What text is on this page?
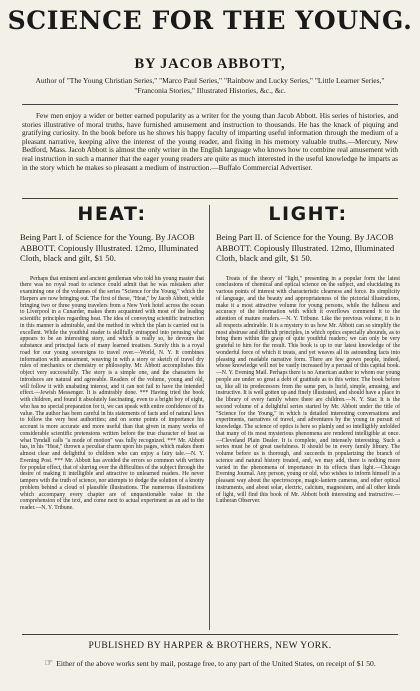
SCIENCE FOR THE YOUNG.
BY JACOB ABBOTT,
Author of "The Young Christian Series," "Marco Paul Series," "Rainbow and Lucky Series," "Little Learner Series," "Franconia Stories," Illustrated Histories, &c., &c.
Few men enjoy a wider or better earned popularity as a writer for the young than Jacob Abbott. His series of histories, and stories illustrative of moral truths, have furnished amusement and instruction to thousands. He has the knack of piquing and gratifying curiosity. In the book before us he shows his happy faculty of imparting useful information through the medium of a pleasant narrative, keeping alive the interest of the young reader, and fixing in his memory valuable truths.—Mercury, New Bedford, Mass. Jacob Abbott is almost the only writer in the English language who knows how to combine real amusement with real instruction in such a manner that the eager young readers are quite as much interested in the useful knowledge he imparts as in the story which he makes so pleasant a medium of instruction.—Buffalo Commercial Advertiser.
HEAT:
Being Part I. of Science for the Young. By JACOB ABBOTT. Copiously Illustrated. 12mo, Illuminated Cloth, black and gilt, $1 50.

Perhaps that eminent and ancient gentleman who told his young master that there was no royal road to science could admit that he was mistaken after examining one of the volumes of the series "Science for the Young," which the Harpers are now bringing out. The first of these, "Heat," by Jacob Abbott, while bringing two or three young travelers from a New York hotel across the ocean to Liverpool in a Cunarder, makes them acquainted with most of the leading scientific principles regarding heat. The idea of conveying scientific instruction in this manner is admirable, and the method in which the plan is carried out is excellent. While the youthful reader is skillfully entrapped into perusing what appears to be an interesting story, and which is really so, he devours the substance and principal facts of many learned treatises. Surely this is a royal road for our young sovereigns to travel over.—World, N. Y. It combines information with amusement, weaving in with a story or sketch of travel dry rules of mechanics or chemistry or philosophy. Mr. Abbott accomplishes this object very successfully. The story is a simple one, and the characters he introduces are natural and agreeable. Readers of the volume, young and old, will follow it with unabating interest, and it can not fail to have the intended effect.—Jewish Messenger. It is admirably done. *** Having tried the book with children, and found it absolutely fascinating, even to a bright boy of eight, who has no special preparation for it, we can speak with entire confidence of its value. The author has been careful in his statements of facts and of natural laws to follow the very best authorities; and on some points of importance his account is more accurate and more useful than that given in many works of considerable scientific pretensions written before the true character of heat as what Tyndall calls "a mode of motion" was fully recognized. *** Mr. Abbott has, in his "Heat," thrown a peculiar charm upon his pages, which makes them almost clear and delightful to children who can enjoy a fairy tale.—N. Y. Evening Post. *** Mr. Abbott has avoided the errors so common with writers for popular effect, that of slurring over the difficulties of the subject through the desire of making it intelligible and attractive to unlearned readers. He never tampers with the truth of science, nor attempts to dodge the solution of a knotty problem behind a cloud of plausible illustrations. The numerous illustrations which accompany every chapter are of unquestionable value in the comprehension of the text, and come next to actual experiment as an aid to the reader.—N. Y. Tribune.

LIGHT:
Being Part II. of Science for the Young. By JACOB ABBOTT. Copiously Illustrated. 12mo, Illuminated Cloth, black and gilt, $1 50.

Treats of the theory of "light," presenting in a popular form the latest conclusions of chemical and optical science on the subject, and elucidating its various points of interest with characteristic clearness and force. Its simplicity of language, and the beauty and appropriateness of the pictorial illustrations, make it a most attractive volume for young persons, while the fullness and accuracy of the information with which it overflows commend it to the attention of mature readers.—N. Y. Tribune. Like the previous volume, it is in all respects admirable. It is a mystery to us how Mr. Abbott can so simplify the most abstruse and difficult principles, in which optics especially abounds, as to bring them within the grasp of quite youthful readers; we can only be very grateful to him for the result. This book is up to our latest knowledge of the wonderful force of which it treats, and yet weaves all its astounding facts into pleasing and readable narrative form. There are few grown people, indeed, whose knowledge will not be vastly increased by a perusal of this capital book.—N. Y. Evening Mail. Perhaps there is no American author to whom our young people are under so great a debt of gratitude as to this writer. The book before us, like all its predecessors from the same pen, is lucid, simple, amusing, and instructive. It is well gotten up and finely illustrated, and should have a place in the library of every family where there are children.—N. Y. Star. It is the second volume of a delightful series started by Mr. Abbott under the title of "Science for the Young," in which is detailed interesting conversations and experiments, narratives of travel, and adventures by the young in pursuit of knowledge. The science of optics is here so plainly and so intelligibly unfolded that many of its most mysterious phenomena are rendered intelligible at once.—Cleveland Plain Dealer. It is complete, and intensely interesting. Such a series must be of great usefulness. It should be in every family library. The volume before us is thorough, and succeeds in popularizing the branch of science and natural history treated, and, we may add, there is nothing more varied in the phenomena of importance in its effects than light.—Chicago Evening Journal. Any person, young or old, who wishes to inform himself in a pleasant way about the spectroscope, magic-lantern cameras, and other optical instruments, and about solar, electric, calcium, magnesium, and all other kinds of light, will find this book of Mr. Abbott both interesting and instructive.—Lutheran Observer.

PUBLISHED BY HARPER & BROTHERS, NEW YORK.
☞ Either of the above works sent by mail, postage free, to any part of the United States, on receipt of $1 50.
